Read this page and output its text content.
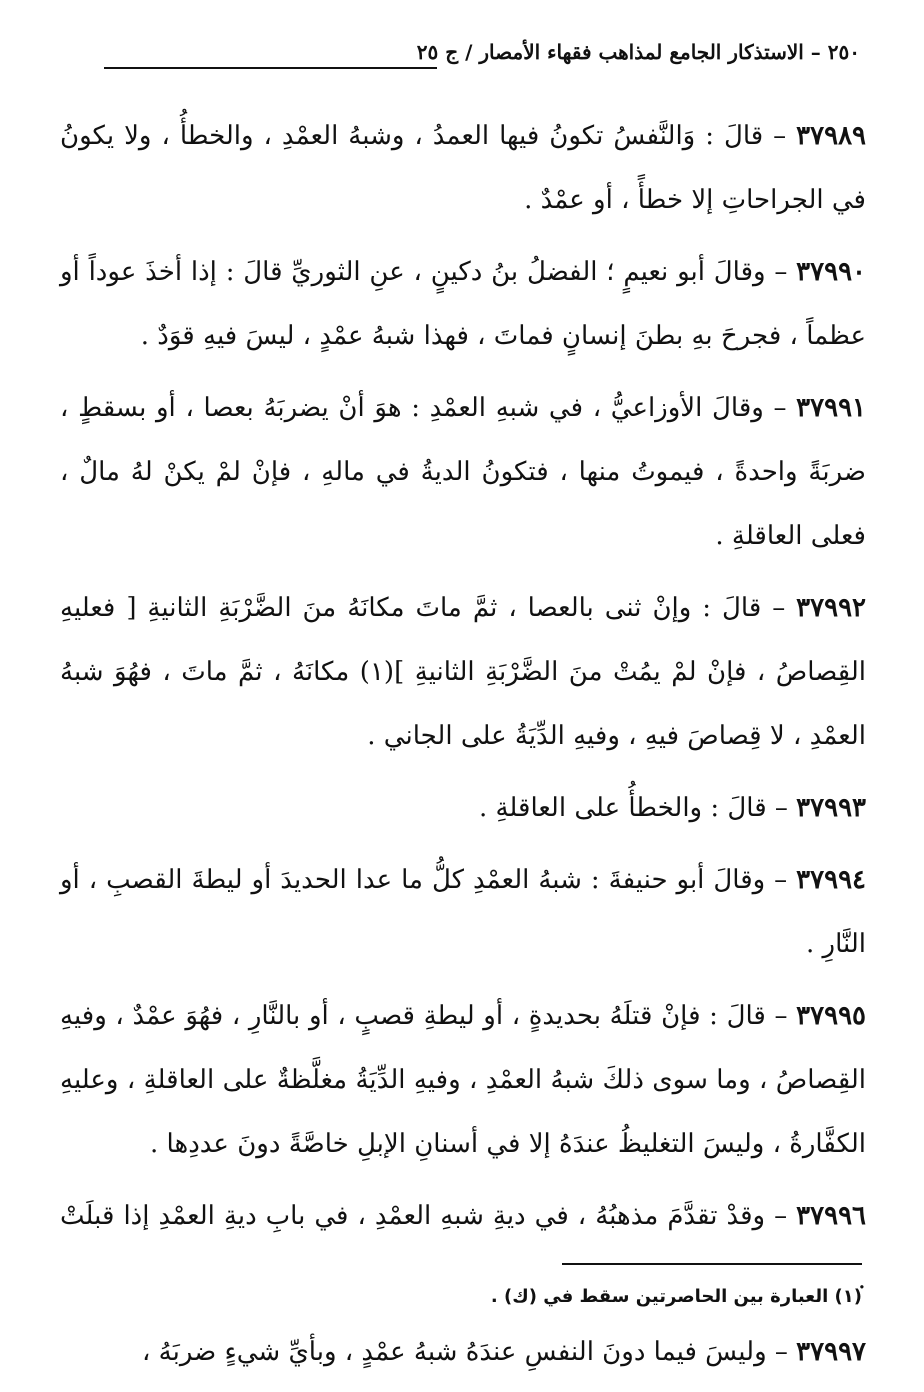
٢٥٠ – الاستذكار الجامع لمذاهب فقهاء الأمصار / ج ٢٥

٣٧٩٨٩ – قالَ : وَالنَّفسُ تكونُ فيها العمدُ ، وشبهُ العمْدِ ، والخطأُ ، ولا يكونُ في الجراحاتِ إلا خطأً ، أو عمْدٌ .

٣٧٩٩٠ – وقالَ أبو نعيمٍ ؛ الفضلُ بنُ دكينٍ ، عنِ الثوريِّ قالَ : إذا أخذَ عوداً أو عظماً ، فجرحَ بهِ بطنَ إنسانٍ فماتَ ، فهذا شبهُ عمْدٍ ، ليسَ فيهِ قوَدٌ .

٣٧٩٩١ – وقالَ الأوزاعيُّ ، في شبهِ العمْدِ : هوَ أنْ يضربَهُ بعصا ، أو بسقطٍ ، ضربَةً واحدةً ، فيموتُ منها ، فتكونُ الديةُ في مالهِ ، فإنْ لمْ يكنْ لهُ مالٌ ، فعلى العاقلةِ .

٣٧٩٩٢ – قالَ : وإنْ ثنى بالعصا ، ثمَّ ماتَ مكانَهُ منَ الضَّرْبَةِ الثانيةِ [ فعليهِ القِصاصُ ، فإنْ لمْ يمُتْ منَ الضَّرْبَةِ الثانيةِ ](١) مكانَهُ ، ثمَّ ماتَ ، فهُوَ شبهُ العمْدِ ، لا قِصاصَ فيهِ ، وفيهِ الدِّيَةُ على الجاني .

٣٧٩٩٣ – قالَ : والخطأُ على العاقلةِ .

٣٧٩٩٤ – وقالَ أبو حنيفةَ : شبهُ العمْدِ كلُّ ما عدا الحديدَ أو ليطةَ القصبِ ، أو النَّارِ .

٣٧٩٩٥ – قالَ : فإنْ قتلَهُ بحديدةٍ ، أو ليطةِ قصبٍ ، أو بالنَّارِ ، فهُوَ عمْدٌ ، وفيهِ القِصاصُ ، وما سوى ذلكَ شبهُ العمْدِ ، وفيهِ الدِّيَةُ مغلَّظةٌ على العاقلةِ ، وعليهِ الكفَّارةُ ، وليسَ التغليظُ عندَهُ إلا في أسنانِ الإبلِ خاصَّةً دونَ عددِها .

٣٧٩٩٦ – وقدْ تقدَّمَ مذهبُهُ ، في ديةِ شبهِ العمْدِ ، في بابِ ديةِ العمْدِ إذا قبلَتْ .

٣٧٩٩٧ – وليسَ فيما دونَ النفسِ عندَهُ شبهُ عمْدٍ ، وبأيِّ شيءٍ ضربَهُ ،

(١) العبارة بين الحاصرتين سقط في (ك) .
